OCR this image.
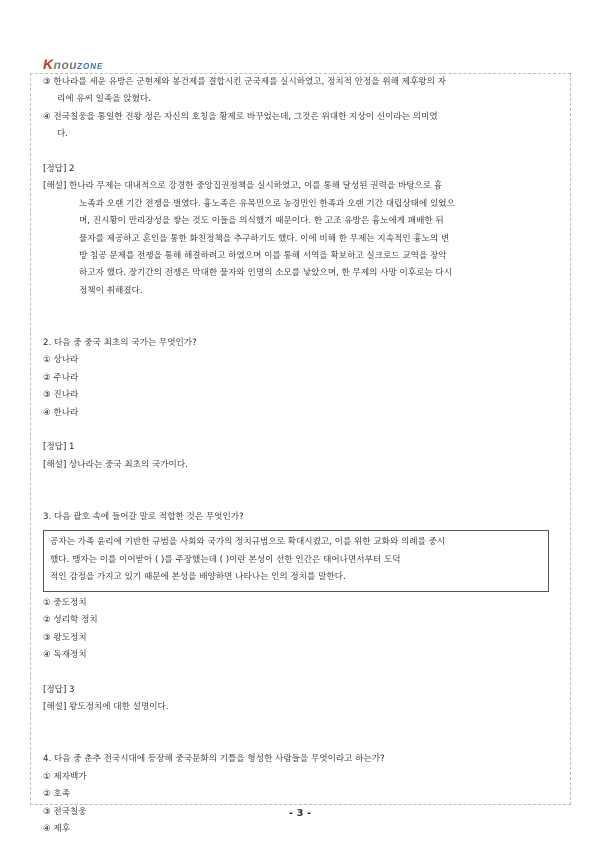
KnouZONE
③ 한나라를 세운 유방은 군현제와 봉건제를 결합시킨 군국제를 실시하였고, 정치적 안정을 위해 제후왕의 자
리에 유씨 일족을 앉혔다.
④ 전국칠웅을 통일한 진왕 정은 자신의 호칭을 황제로 바꾸었는데, 그것은 위대한 지상이 신이라는 의미였
다.
[정답] 2
[해설] 한나라 무제는 대내적으로 강경한 중앙집권정책을 실시하였고, 이를 통해 달성된 권력을 바탕으로 흉
노족과 오랜 기간 전쟁을 벌였다. 흉노족은 유목민으로 농경민인 한족과 오랜 기간 대립상태에 있었으
며, 진시황이 만리장성을 쌓는 것도 이들을 의식했기 때문이다. 한 고조 유방은 흉노에게 패배한 뒤
물자를 제공하고 혼인을 통한 화친정책을 추구하기도 했다. 이에 비해 한 무제는 지속적인 흉노의 변
방 침공 문제를 전쟁을 통해 해결하려고 하였으며 이를 통해 서역을 확보하고 실크로드 교역을 장악
하고자 했다. 장기간의 전쟁은 막대한 물자와 인명의 소모를 낳았으며, 한 무제의 사망 이후로는 다시
정책이 취해졌다.
2. 다음 중 중국 최초의 국가는 무엇인가?
① 상나라
② 주나라
③ 진나라
④ 한나라
[정답] 1
[해설] 상나라는 중국 최초의 국가이다.
3. 다음 괄호 속에 들어갈 말로 적합한 것은 무엇인가?
공자는 가족 윤리에 기반한 규범을 사회와 국가의 정치규범으로 확대시켰고, 이를 위한 교화와 의례를 중시
했다. 맹자는 이를 이어받아 ( )를 주장했는데 ( )이란 본성이 선한 인간은 태어나면서부터 도덕
적인 감정을 가지고 있기 때문에 본성을 배양하면 나타나는 인의 정치를 말한다.
① 중도정치
② 성리학 정치
③ 왕도정치
④ 독재정치
[정답] 3
[해설] 왕도정치에 대한 설명이다.
4. 다음 중 춘추 전국시대에 등장해 중국문화의 기틀을 형성한 사람들을 무엇이라고 하는가?
① 제자백가
② 호족
③ 전국칠웅
④ 제후
- 3 -
